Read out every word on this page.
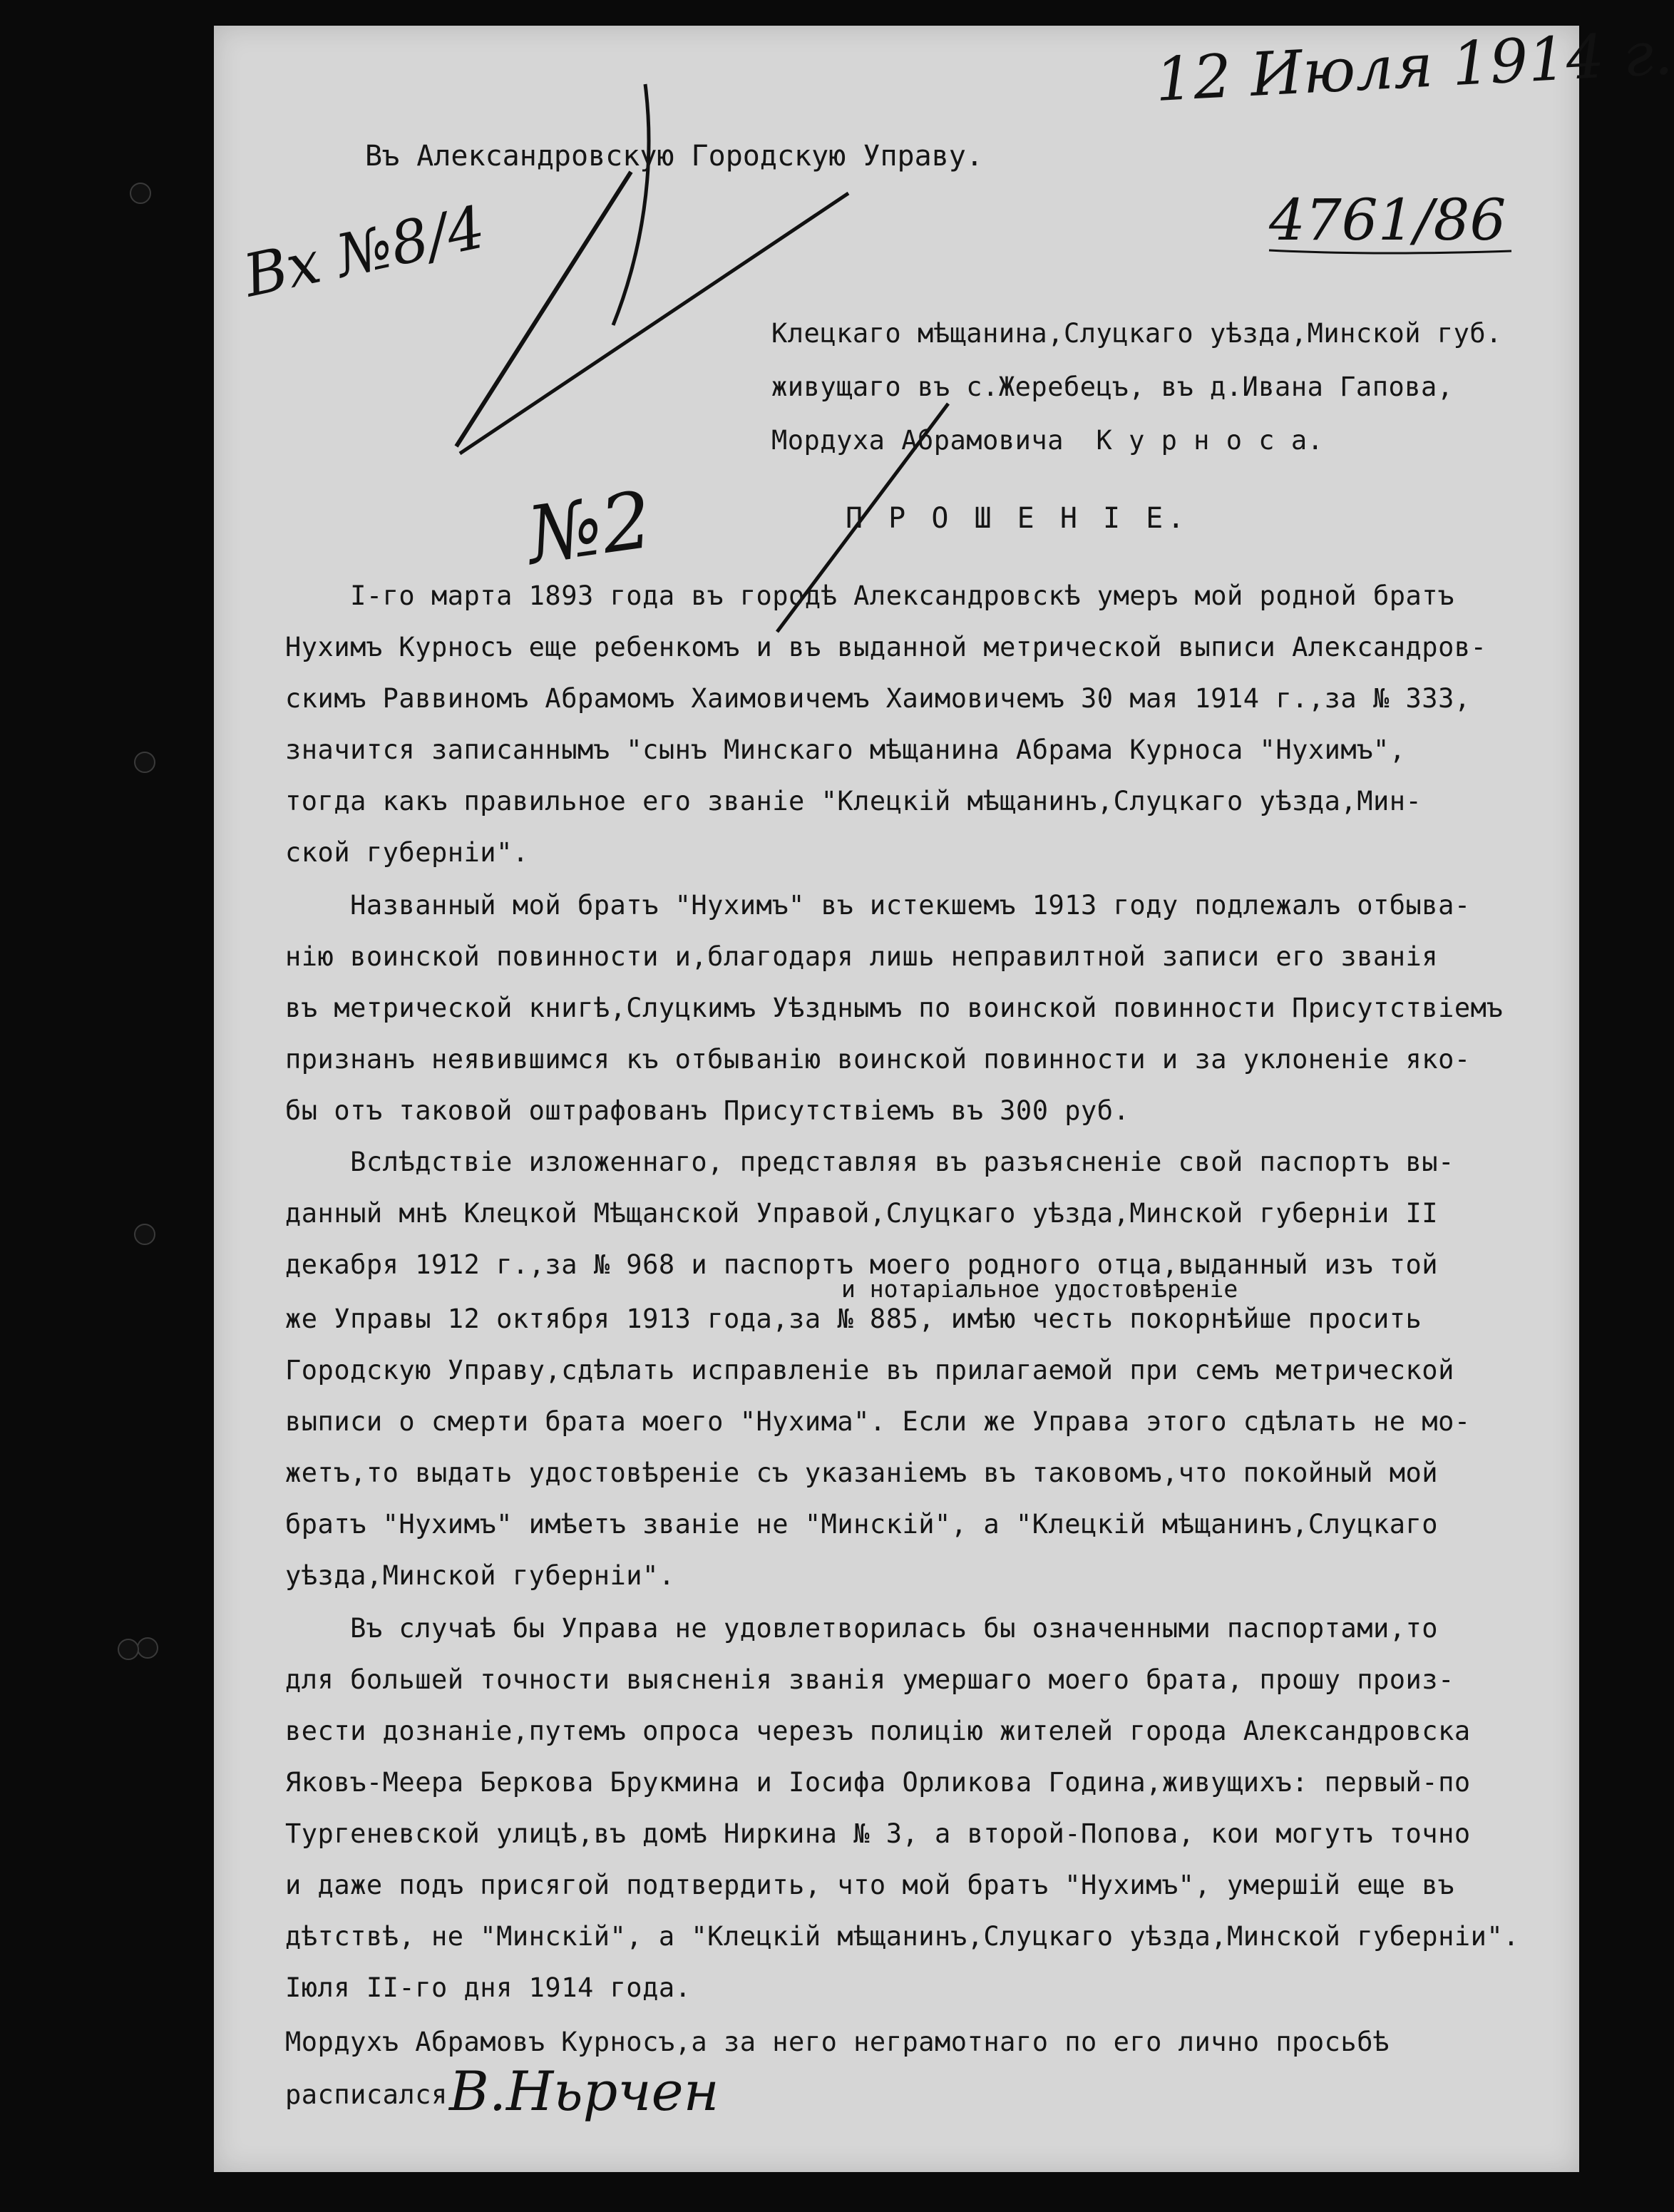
12 Июля 1914 г.
4761/86
Вх №8/4
№2
Въ Александровскую Городскую Управу.
Клецкаго мѣщанина,Слуцкаго уѣзда,Минской губ.
живущаго въ с.Жеребецъ, въ д.Ивана Гапова,
Мордуха Абрамовича  К у р н о с а.
П Р О Ш Е Н І Е.
и нотаріальное удостовѣреніе
І-го марта 1893 года въ городѣ Александровскѣ умеръ мой родной братъ
Нухимъ Курносъ еще ребенкомъ и въ выданной метрической выписи Александров-
скимъ Раввиномъ Абрамомъ Хаимовичемъ Хаимовичемъ 30 мая 1914 г.,за № 333,
значится записаннымъ "сынъ Минскаго мѣщанина Абрама Курноса "Нухимъ",
тогда какъ правильное его званіе "Клецкій мѣщанинъ,Слуцкаго уѣзда,Мин-
ской губерніи".
Названный мой братъ "Нухимъ" въ истекшемъ 1913 году подлежалъ отбыва-
нію воинской повинности и,благодаря лишь неправилтной записи его званія
въ метрической книгѣ,Слуцкимъ Уѣзднымъ по воинской повинности Присутствіемъ
признанъ неявившимся къ отбыванію воинской повинности и за уклоненіе яко-
бы отъ таковой оштрафованъ Присутствіемъ въ 300 руб.
Вслѣдствіе изложеннаго, представляя въ разъясненіе свой паспортъ вы-
данный мнѣ Клецкой Мѣщанской Управой,Слуцкаго уѣзда,Минской губерніи II
декабря 1912 г.,за № 968 и паспортъ моего родного отца,выданный изъ той
же Управы 12 октября 1913 года,за № 885, имѣю честь покорнѣйше просить
Городскую Управу,сдѣлать исправленіе въ прилагаемой при семъ метрической
выписи о смерти брата моего "Нухима". Если же Управа этого сдѣлать не мо-
жетъ,то выдать удостовѣреніе съ указаніемъ въ таковомъ,что покойный мой
братъ "Нухимъ" имѣетъ званіе не "Минскій", а "Клецкій мѣщанинъ,Слуцкаго
уѣзда,Минской губерніи".
Въ случаѣ бы Управа не удовлетворилась бы означенными паспортами,то
для большей точности выясненія званія умершаго моего брата, прошу произ-
вести дознаніе,путемъ опроса черезъ полицію жителей города Александровска
Яковъ-Меера Беркова Брукмина и Іосифа Орликова Година,живущихъ: первый-по
Тургеневской улицѣ,въ домѣ Ниркина № 3, а второй-Попова, кои могутъ точно
и даже подъ присягой подтвердить, что мой братъ "Нухимъ", умершій еще въ
дѣтствѣ, не "Минскій", а "Клецкій мѣщанинъ,Слуцкаго уѣзда,Минской губерніи".
Іюля II-го дня 1914 года.
Мордухъ Абрамовъ Курносъ,а за него неграмотнаго по его лично просьбѣ
расписался В.Ньрчен
